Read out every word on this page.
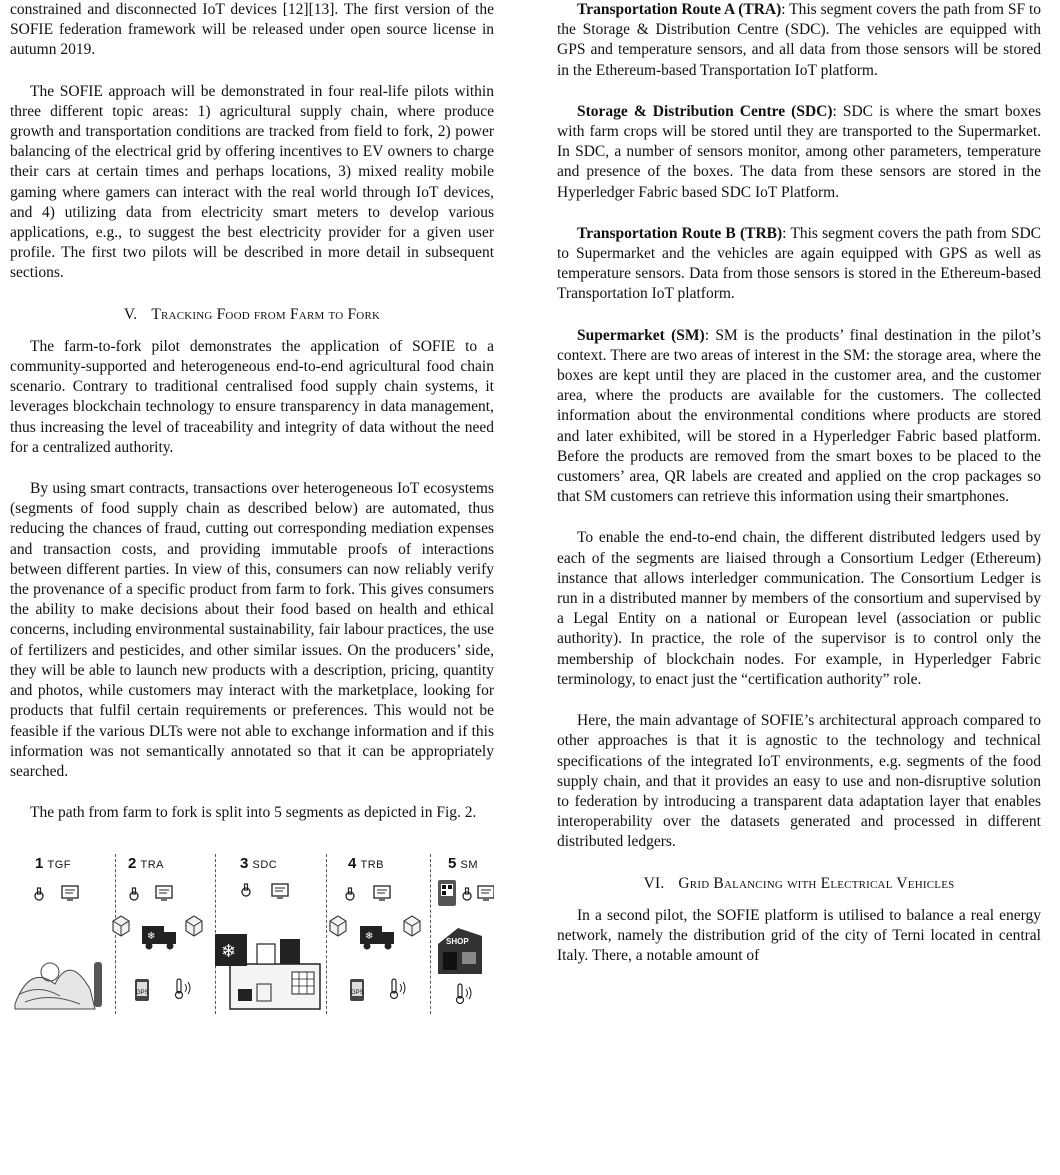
constrained and disconnected IoT devices [12][13]. The first version of the SOFIE federation framework will be released under open source license in autumn 2019.

The SOFIE approach will be demonstrated in four real-life pilots within three different topic areas: 1) agricultural supply chain, where produce growth and transportation conditions are tracked from field to fork, 2) power balancing of the electrical grid by offering incentives to EV owners to charge their cars at certain times and perhaps locations, 3) mixed reality mobile gaming where gamers can interact with the real world through IoT devices, and 4) utilizing data from electricity smart meters to develop various applications, e.g., to suggest the best electricity provider for a given user profile. The first two pilots will be described in more detail in subsequent sections.

V. Tracking Food from Farm to Fork

The farm-to-fork pilot demonstrates the application of SOFIE to a community-supported and heterogeneous end-to-end agricultural food chain scenario. Contrary to traditional centralised food supply chain systems, it leverages blockchain technology to ensure transparency in data management, thus increasing the level of traceability and integrity of data without the need for a centralized authority.

By using smart contracts, transactions over heterogeneous IoT ecosystems (segments of food supply chain as described below) are automated, thus reducing the chances of fraud, cutting out corresponding mediation expenses and transaction costs, and providing immutable proofs of interactions between different parties. In view of this, consumers can now reliably verify the provenance of a specific product from farm to fork. This gives consumers the ability to make decisions about their food based on health and ethical concerns, including environmental sustainability, fair labour practices, the use of fertilizers and pesticides, and other similar issues. On the producers’ side, they will be able to launch new products with a description, pricing, quantity and photos, while customers may interact with the marketplace, looking for products that fulfil certain requirements or preferences. This would not be feasible if the various DLTs were not able to exchange information and if this information was not semantically annotated so that it can be appropriately searched.

The path from farm to fork is split into 5 segments as depicted in Fig. 2.

1 TGF	2 TRA	3 SDC	4 TRB	5 SM
❄
GPS
❄
❄
GPS
SHOP

Transportation Route A (TRA): This segment covers the path from SF to the Storage & Distribution Centre (SDC). The vehicles are equipped with GPS and temperature sensors, and all data from those sensors will be stored in the Ethereum-based Transportation IoT platform.

Storage & Distribution Centre (SDC): SDC is where the smart boxes with farm crops will be stored until they are transported to the Supermarket. In SDC, a number of sensors monitor, among other parameters, temperature and presence of the boxes. The data from these sensors are stored in the Hyperledger Fabric based SDC IoT Platform.

Transportation Route B (TRB): This segment covers the path from SDC to Supermarket and the vehicles are again equipped with GPS as well as temperature sensors. Data from those sensors is stored in the Ethereum-based Transportation IoT platform.

Supermarket (SM): SM is the products’ final destination in the pilot’s context. There are two areas of interest in the SM: the storage area, where the boxes are kept until they are placed in the customer area, and the customer area, where the products are available for the customers. The collected information about the environmental conditions where products are stored and later exhibited, will be stored in a Hyperledger Fabric based platform. Before the products are removed from the smart boxes to be placed to the customers’ area, QR labels are created and applied on the crop packages so that SM customers can retrieve this information using their smartphones.

To enable the end-to-end chain, the different distributed ledgers used by each of the segments are liaised through a Consortium Ledger (Ethereum) instance that allows interledger communication. The Consortium Ledger is run in a distributed manner by members of the consortium and supervised by a Legal Entity on a national or European level (association or public authority). In practice, the role of the supervisor is to control only the membership of blockchain nodes. For example, in Hyperledger Fabric terminology, to enact just the “certification authority” role.

Here, the main advantage of SOFIE’s architectural approach compared to other approaches is that it is agnostic to the technology and technical specifications of the integrated IoT environments, e.g. segments of the food supply chain, and that it provides an easy to use and non-disruptive solution to federation by introducing a transparent data adaptation layer that enables interoperability over the datasets generated and processed in different distributed ledgers.

VI. Grid Balancing with Electrical Vehicles

In a second pilot, the SOFIE platform is utilised to balance a real energy network, namely the distribution grid of the city of Terni located in central Italy. There, a notable amount of
